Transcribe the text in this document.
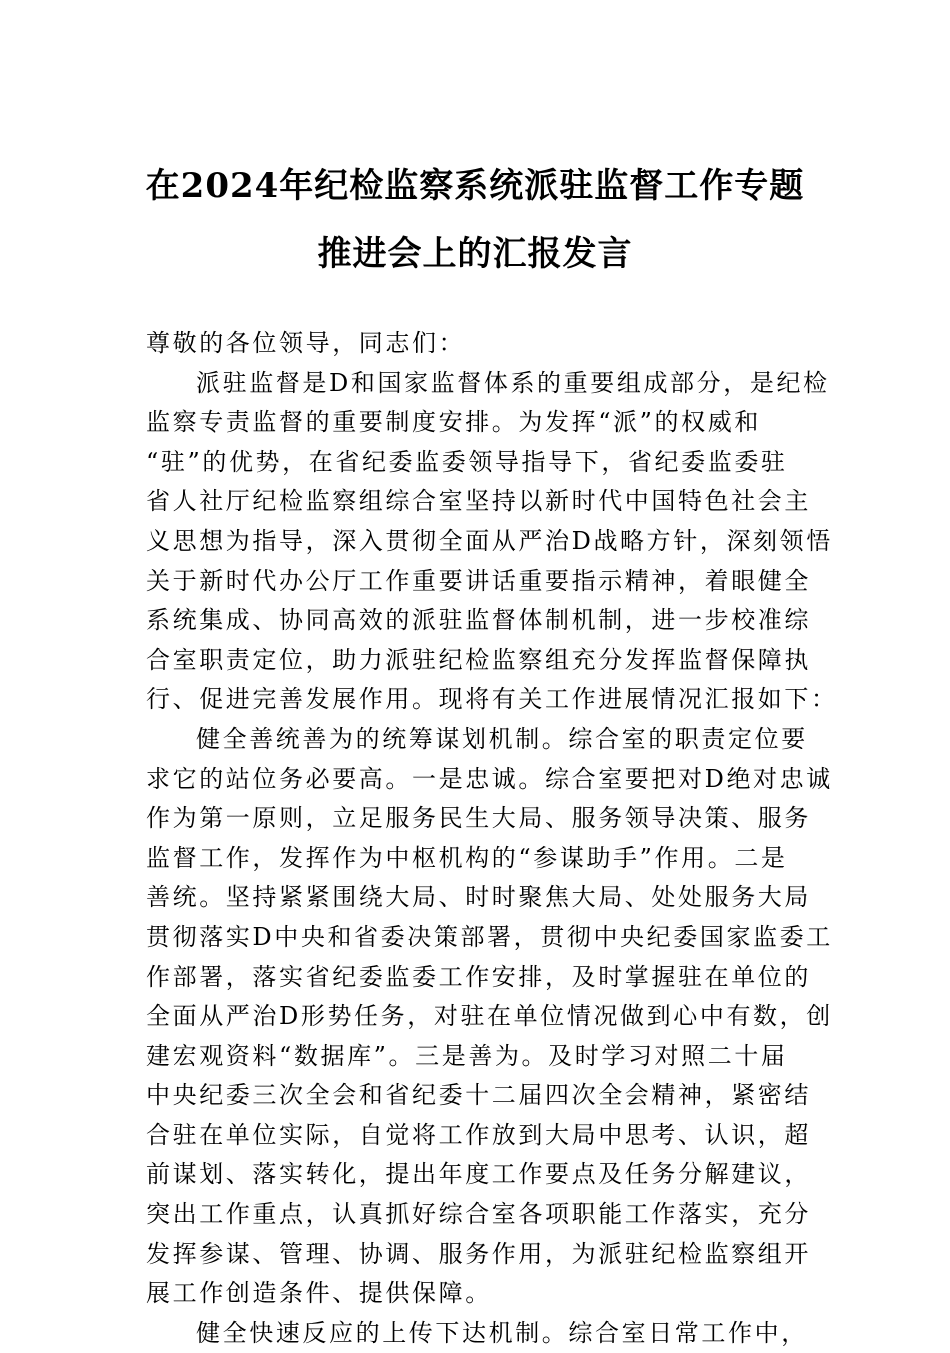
在2024年纪检监察系统派驻监督工作专题
推进会上的汇报发言
尊敬的各位领导，同志们：
派驻监督是D和国家监督体系的重要组成部分，是纪检
监察专责监督的重要制度安排。为发挥“派”的权威和
“驻”的优势，在省纪委监委领导指导下，省纪委监委驻
省人社厅纪检监察组综合室坚持以新时代中国特色社会主
义思想为指导，深入贯彻全面从严治D战略方针，深刻领悟
关于新时代办公厅工作重要讲话重要指示精神，着眼健全
系统集成、协同高效的派驻监督体制机制，进一步校准综
合室职责定位，助力派驻纪检监察组充分发挥监督保障执
行、促进完善发展作用。现将有关工作进展情况汇报如下：
健全善统善为的统筹谋划机制。综合室的职责定位要
求它的站位务必要高。一是忠诚。综合室要把对D绝对忠诚
作为第一原则，立足服务民生大局、服务领导决策、服务
监督工作，发挥作为中枢机构的“参谋助手”作用。二是
善统。坚持紧紧围绕大局、时时聚焦大局、处处服务大局
贯彻落实D中央和省委决策部署，贯彻中央纪委国家监委工
作部署，落实省纪委监委工作安排，及时掌握驻在单位的
全面从严治D形势任务，对驻在单位情况做到心中有数，创
建宏观资料“数据库”。三是善为。及时学习对照二十届
中央纪委三次全会和省纪委十二届四次全会精神，紧密结
合驻在单位实际，自觉将工作放到大局中思考、认识，超
前谋划、落实转化，提出年度工作要点及任务分解建议，
突出工作重点，认真抓好综合室各项职能工作落实，充分
发挥参谋、管理、协调、服务作用，为派驻纪检监察组开
展工作创造条件、提供保障。
健全快速反应的上传下达机制。综合室日常工作中，
